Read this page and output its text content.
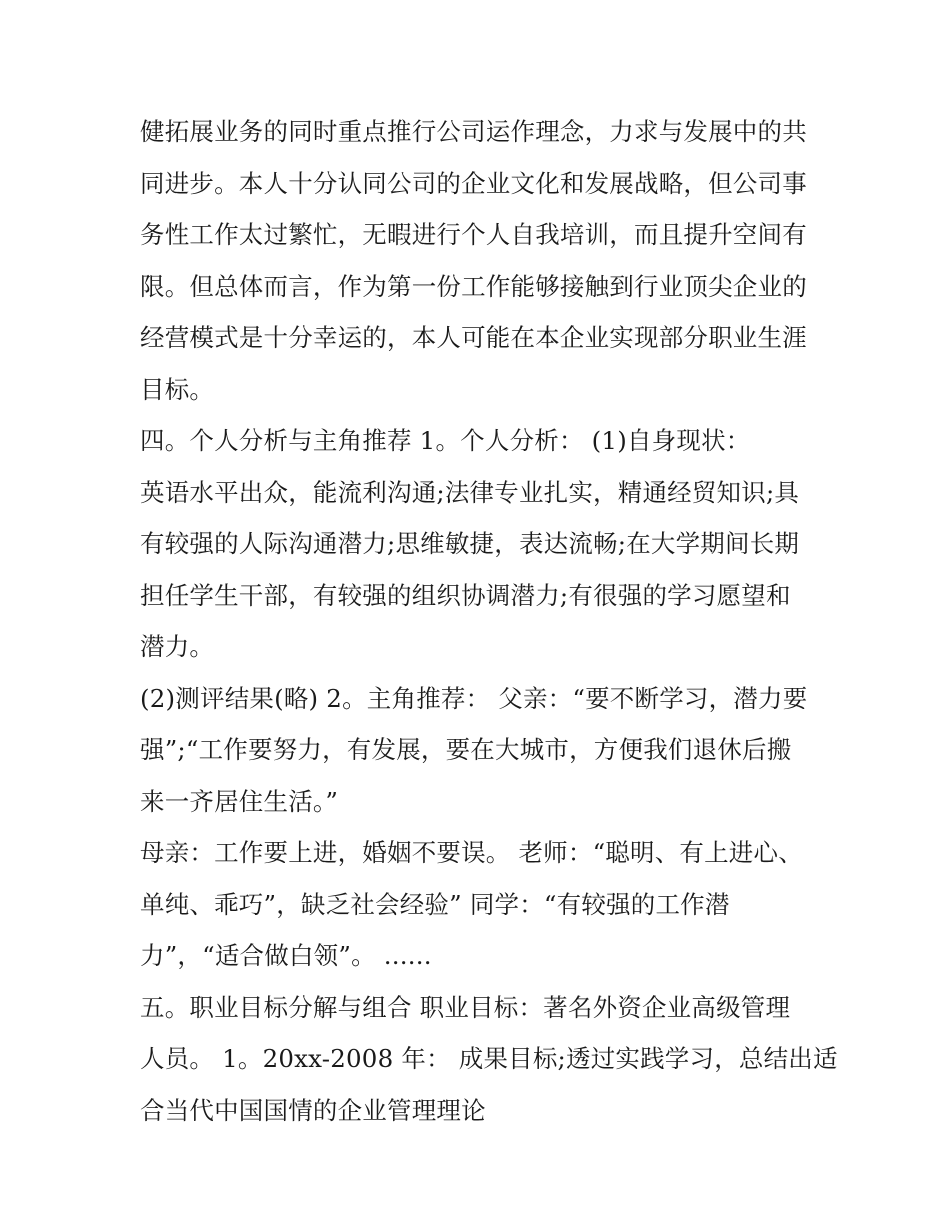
健拓展业务的同时重点推行公司运作理念，力求与发展中的共
同进步。本人十分认同公司的企业文化和发展战略，但公司事
务性工作太过繁忙，无暇进行个人自我培训，而且提升空间有
限。但总体而言，作为第一份工作能够接触到行业顶尖企业的
经营模式是十分幸运的，本人可能在本企业实现部分职业生涯
目标。
四。个人分析与主角推荐 1。个人分析： (1)自身现状：
英语水平出众，能流利沟通;法律专业扎实，精通经贸知识;具
有较强的人际沟通潜力;思维敏捷，表达流畅;在大学期间长期
担任学生干部，有较强的组织协调潜力;有很强的学习愿望和
潜力。
(2)测评结果(略) 2。主角推荐： 父亲：“要不断学习，潜力要
强”;“工作要努力，有发展，要在大城市，方便我们退休后搬
来一齐居住生活。”
母亲：工作要上进，婚姻不要误。 老师：“聪明、有上进心、
单纯、乖巧”，缺乏社会经验” 同学：“有较强的工作潜
力”，“适合做白领”。 ......
五。职业目标分解与组合 职业目标：著名外资企业高级管理
人员。 1。20xx-2008 年： 成果目标;透过实践学习，总结出适
合当代中国国情的企业管理理论
